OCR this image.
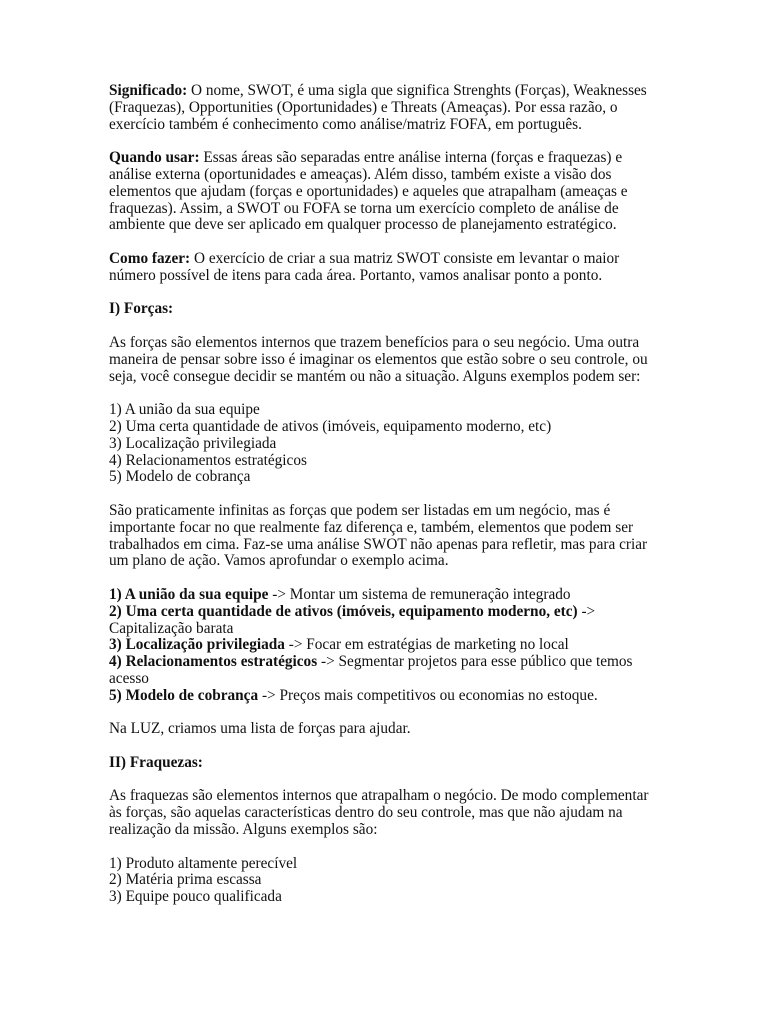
Significado: O nome, SWOT, é uma sigla que significa Strenghts (Forças), Weaknesses
(Fraquezas), Opportunities (Oportunidades) e Threats (Ameaças). Por essa razão, o
exercício também é conhecimento como análise/matriz FOFA, em português.

Quando usar: Essas áreas são separadas entre análise interna (forças e fraquezas) e
análise externa (oportunidades e ameaças). Além disso, também existe a visão dos
elementos que ajudam (forças e oportunidades) e aqueles que atrapalham (ameaças e
fraquezas). Assim, a SWOT ou FOFA se torna um exercício completo de análise de
ambiente que deve ser aplicado em qualquer processo de planejamento estratégico.

Como fazer: O exercício de criar a sua matriz SWOT consiste em levantar o maior
número possível de itens para cada área. Portanto, vamos analisar ponto a ponto.

I) Forças:

As forças são elementos internos que trazem benefícios para o seu negócio. Uma outra
maneira de pensar sobre isso é imaginar os elementos que estão sobre o seu controle, ou
seja, você consegue decidir se mantém ou não a situação. Alguns exemplos podem ser:

1) A união da sua equipe
2) Uma certa quantidade de ativos (imóveis, equipamento moderno, etc)
3) Localização privilegiada
4) Relacionamentos estratégicos
5) Modelo de cobrança

São praticamente infinitas as forças que podem ser listadas em um negócio, mas é
importante focar no que realmente faz diferença e, também, elementos que podem ser
trabalhados em cima. Faz-se uma análise SWOT não apenas para refletir, mas para criar
um plano de ação. Vamos aprofundar o exemplo acima.

1) A união da sua equipe -> Montar um sistema de remuneração integrado
2) Uma certa quantidade de ativos (imóveis, equipamento moderno, etc) ->
Capitalização barata
3) Localização privilegiada -> Focar em estratégias de marketing no local
4) Relacionamentos estratégicos -> Segmentar projetos para esse público que temos
acesso
5) Modelo de cobrança -> Preços mais competitivos ou economias no estoque.

Na LUZ, criamos uma lista de forças para ajudar.

II) Fraquezas:

As fraquezas são elementos internos que atrapalham o negócio. De modo complementar
às forças, são aquelas características dentro do seu controle, mas que não ajudam na
realização da missão. Alguns exemplos são:

1) Produto altamente perecível
2) Matéria prima escassa
3) Equipe pouco qualificada
